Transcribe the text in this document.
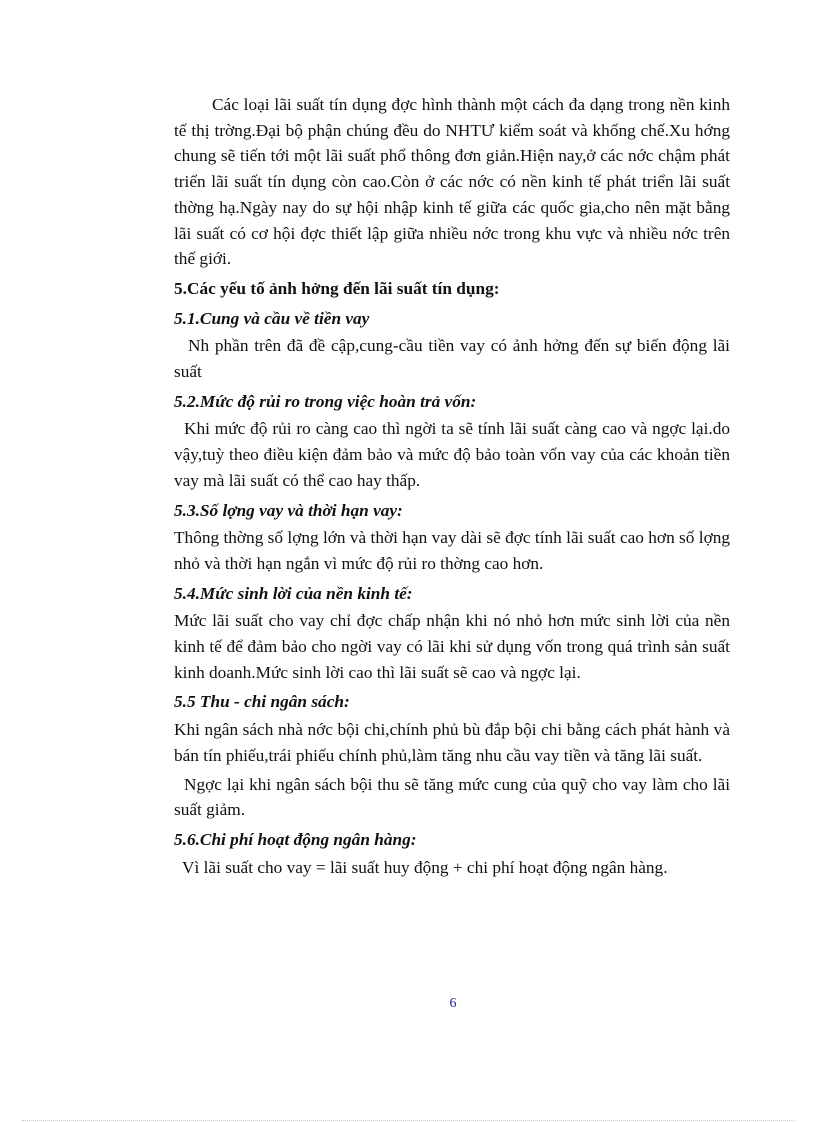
Các loại lãi suất tín dụng đợc hình thành một cách đa dạng trong nền kinh tế thị trờng.Đại bộ phận chúng đều do NHTƯ kiểm soát và khống chế.Xu hớng chung sẽ tiến tới một lãi suất phổ thông đơn giản.Hiện nay,ở các nớc chậm phát triển lãi suất tín dụng còn cao.Còn ở các nớc có nền kinh tế phát triển lãi suất thờng hạ.Ngày nay do sự hội nhập kinh tế giữa các quốc gia,cho nên mặt bằng lãi suất có cơ hội đợc thiết lập giữa nhiều nớc trong khu vực và nhiều nớc trên thế giới.

5.Các yếu tố ảnh hởng đến lãi suất tín dụng:
5.1.Cung và cầu về tiền vay

Nh phần trên đã đề cập,cung-cầu tiền vay có ảnh hởng đến sự biến động lãi suất

5.2.Mức độ rủi ro trong việc hoàn trả vốn:

Khi mức độ rủi ro càng cao thì ngời ta sẽ tính lãi suất càng cao và ngợc lại.do vậy,tuỳ theo điều kiện đảm bảo và mức độ bảo toàn vốn vay của các khoản tiền vay mà lãi suất có thể cao hay thấp.

5.3.Số lợng vay và thời hạn vay:

Thông thờng số lợng lớn và thời hạn vay dài sẽ đợc tính lãi suất cao hơn số lợng nhỏ và thời hạn ngắn vì mức độ rủi ro thờng cao hơn.

5.4.Mức sinh lời của nền kinh tế:

Mức lãi suất cho vay chỉ đợc chấp nhận khi nó nhỏ hơn mức sinh lời của nền kinh tế để đảm bảo cho ngời vay có lãi khi sử dụng vốn trong quá trình sản suất kinh doanh.Mức sinh lời cao thì lãi suất sẽ cao và ngợc lại.

5.5 Thu - chi ngân sách:

Khi ngân sách nhà nớc bội chi,chính phủ bù đắp bội chi bằng cách phát hành và bán tín phiếu,trái phiếu chính phủ,làm tăng nhu cầu vay tiền và tăng lãi suất.

Ngợc lại khi ngân sách bội thu sẽ tăng mức cung của quỹ cho vay làm cho lãi suất giảm.

5.6.Chi phí hoạt động ngân hàng:

Vì lãi suất cho vay = lãi suất huy động + chi phí hoạt động ngân hàng.

6
